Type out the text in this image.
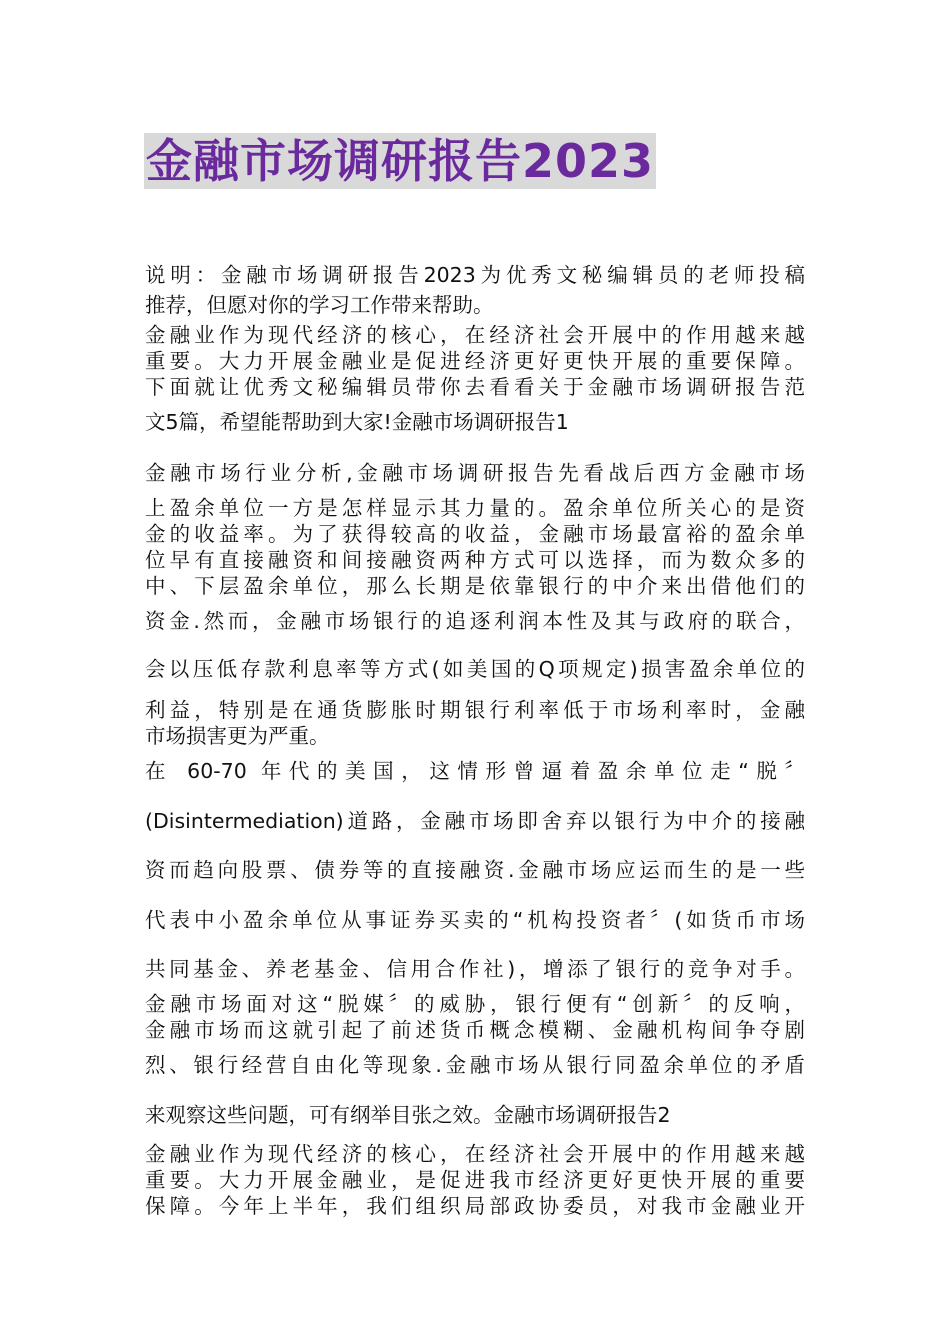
金融市场调研报告2023
说明：金融市场调研报告2023为优秀文秘编辑员的老师投稿
推荐，但愿对你的学习工作带来帮助。
金融业作为现代经济的核心，在经济社会开展中的作用越来越
重要。大力开展金融业是促进经济更好更快开展的重要保障。
下面就让优秀文秘编辑员带你去看看关于金融市场调研报告范
文5篇，希望能帮助到大家!金融市场调研报告1
金融市场行业分析,金融市场调研报告先看战后西方金融市场
上盈余单位一方是怎样显示其力量的。盈余单位所关心的是资
金的收益率。为了获得较高的收益，金融市场最富裕的盈余单
位早有直接融资和间接融资两种方式可以选择，而为数众多的
中、下层盈余单位，那么长期是依靠银行的中介来出借他们的
资金.然而，金融市场银行的追逐利润本性及其与政府的联合，
会以压低存款利息率等方式(如美国的Q项规定)损害盈余单位的
利益，特别是在通货膨胀时期银行利率低于市场利率时，金融
市场损害更为严重。
在 60-70 年代的美国，这情形曾逼着盈余单位走“脱〞
(Disintermediation)道路，金融市场即舍弃以银行为中介的接融
资而趋向股票、债券等的直接融资.金融市场应运而生的是一些
代表中小盈余单位从事证券买卖的“机构投资者〞(如货币市场
共同基金、养老基金、信用合作社)，增添了银行的竞争对手。
金融市场面对这“脱媒〞的威胁，银行便有“创新〞的反响，
金融市场而这就引起了前述货币概念模糊、金融机构间争夺剧
烈、银行经营自由化等现象.金融市场从银行同盈余单位的矛盾
来观察这些问题，可有纲举目张之效。金融市场调研报告2
金融业作为现代经济的核心，在经济社会开展中的作用越来越
重要。大力开展金融业，是促进我市经济更好更快开展的重要
保障。今年上半年，我们组织局部政协委员，对我市金融业开
